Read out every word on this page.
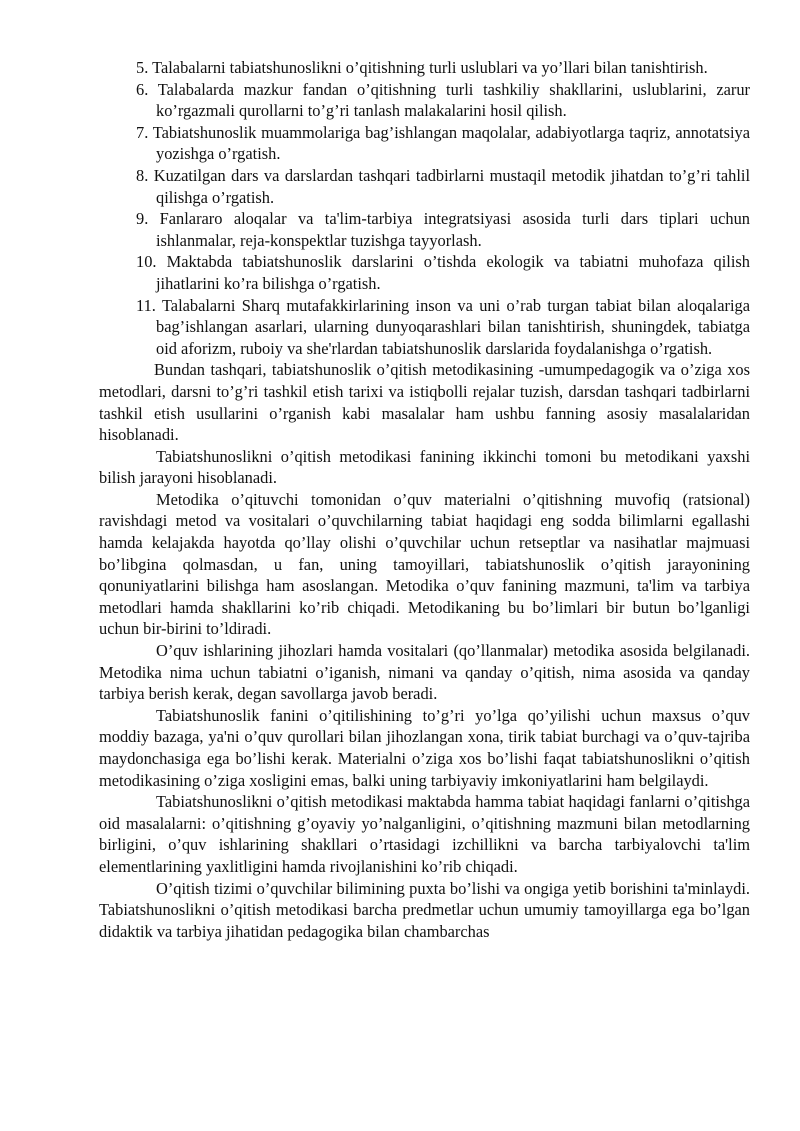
5. Talabalarni tabiatshunoslikni o’qitishning turli uslublari va yo’llari bilan tanishtirish.
6. Talabalarda mazkur fandan o’qitishning turli tashkiliy shakllarini, uslublarini, zarur ko’rgazmali qurollarni to’g’ri tanlash malakalarini hosil qilish.
7. Tabiatshunoslik muammolariga bag’ishlangan maqolalar, adabiyotlarga taqriz, annotatsiya yozishga o’rgatish.
8. Kuzatilgan dars va darslardan tashqari tadbirlarni mustaqil metodik jihatdan to’g’ri tahlil qilishga o’rgatish.
9. Fanlararo aloqalar va ta'lim-tarbiya integratsiyasi asosida turli dars tiplari uchun ishlanmalar, reja-konspektlar tuzishga tayyorlash.
10. Maktabda tabiatshunoslik darslarini o’tishda ekologik va tabiatni muhofaza qilish jihatlarini ko’ra bilishga o’rgatish.
11. Talabalarni Sharq mutafakkirlarining inson va uni o’rab turgan tabiat bilan aloqalariga bag’ishlangan asarlari, ularning dunyoqarashlari bilan tanishtirish, shuningdek, tabiatga oid aforizm, ruboiy va she'rlardan tabiatshunoslik darslarida foydalanishga o’rgatish.

Bundan tashqari, tabiatshunoslik o’qitish metodikasining -umumpedagogik va o’ziga xos metodlari, darsni to’g’ri tashkil etish tarixi va istiqbolli rejalar tuzish, darsdan tashqari tadbirlarni tashkil etish usullarini o’rganish kabi masalalar ham ushbu fanning asosiy masalalaridan hisoblanadi.

Tabiatshunoslikni o’qitish metodikasi fanining ikkinchi tomoni bu metodikani yaxshi bilish jarayoni hisoblanadi.

Metodika o’qituvchi tomonidan o’quv materialni o’qitishning muvofiq (ratsional) ravishdagi metod va vositalari o’quvchilarning tabiat haqidagi eng sodda bilimlarni egallashi hamda kelajakda hayotda qo’llay olishi o’quvchilar uchun retseptlar va nasihatlar majmuasi bo’libgina qolmasdan, u fan, uning tamoyillari, tabiatshunoslik o’qitish jarayonining qonuniyatlarini bilishga ham asoslangan. Metodika o’quv fanining mazmuni, ta'lim va tarbiya metodlari hamda shakllarini ko’rib chiqadi. Metodikaning bu bo’limlari bir butun bo’lganligi uchun bir-birini to’ldiradi.

O’quv ishlarining jihozlari hamda vositalari (qo’llanmalar) metodika asosida belgilanadi. Metodika nima uchun tabiatni o’iganish, nimani va qanday o’qitish, nima asosida va qanday tarbiya berish kerak, degan savollarga javob beradi.

Tabiatshunoslik fanini o’qitilishining to’g’ri yo’lga qo’yilishi uchun maxsus o’quv moddiy bazaga, ya'ni o’quv qurollari bilan jihozlangan xona, tirik tabiat burchagi va o’quv-tajriba maydonchasiga ega bo’lishi kerak. Materialni o’ziga xos bo’lishi faqat tabiatshunoslikni o’qitish metodikasining o’ziga xosligini emas, balki uning tarbiyaviy imkoniyatlarini ham belgilaydi.

Tabiatshunoslikni o’qitish metodikasi maktabda hamma tabiat haqidagi fanlarni o’qitishga oid masalalarni: o’qitishning g’oyaviy yo’nalganligini, o’qitishning mazmuni bilan metodlarning birligini, o’quv ishlarining shakllari o’rtasidagi izchillikni va barcha tarbiyalovchi ta'lim elementlarining yaxlitligini hamda rivojlanishini ko’rib chiqadi.

O’qitish tizimi o’quvchilar bilimining puxta bo’lishi va ongiga yetib borishini ta'minlaydi. Tabiatshunoslikni o’qitish metodikasi barcha predmetlar uchun umumiy tamoyillarga ega bo’lgan didaktik va tarbiya jihatidan pedagogika bilan chambarchas
